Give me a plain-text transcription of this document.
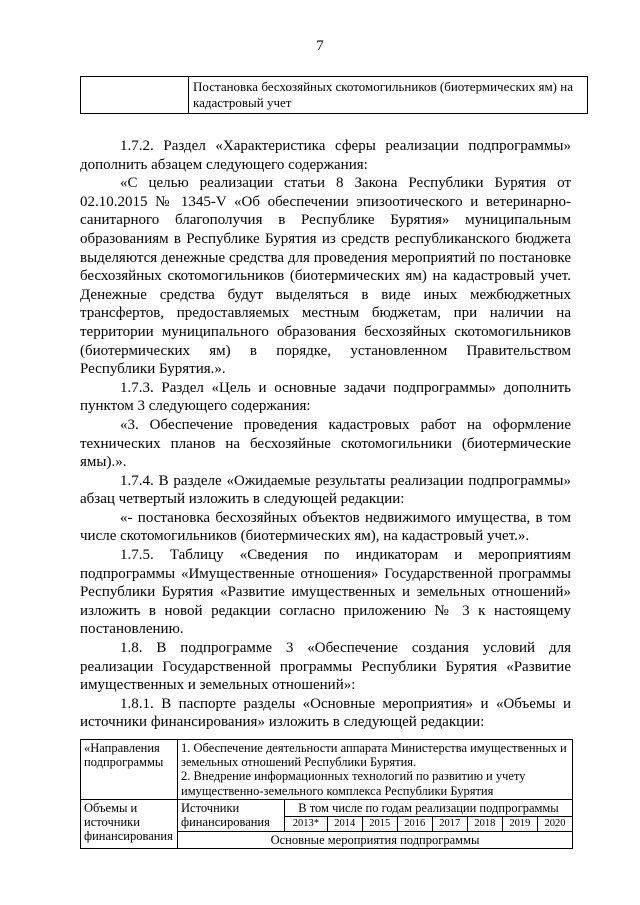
7
	Постановка бесхозяйных скотомогильников (биотермических ям) на кадастровый учет

1.7.2. Раздел «Характеристика сферы реализации подпрограммы» дополнить абзацем следующего содержания:

«С целью реализации статьи 8 Закона Республики Бурятия от 02.10.2015 № 1345-V «Об обеспечении эпизоотического и ветеринарно-санитарного благополучия в Республике Бурятия» муниципальным образованиям в Республике Бурятия из средств республиканского бюджета выделяются денежные средства для проведения мероприятий по постановке бесхозяйных скотомогильников (биотермических ям) на кадастровый учет. Денежные средства будут выделяться в виде иных межбюджетных трансфертов, предоставляемых местным бюджетам, при наличии на территории муниципального образования бесхозяйных скотомогильников (биотермических ям) в порядке, установленном Правительством Республики Бурятия.».

1.7.3. Раздел «Цель и основные задачи подпрограммы» дополнить пунктом 3 следующего содержания:

«3. Обеспечение проведения кадастровых работ на оформление технических планов на бесхозяйные скотомогильники (биотермические ямы).».

1.7.4. В разделе «Ожидаемые результаты реализации подпрограммы» абзац четвертый изложить в следующей редакции:

«- постановка бесхозяйных объектов недвижимого имущества, в том числе скотомогильников (биотермических ям), на кадастровый учет.».

1.7.5. Таблицу «Сведения по индикаторам и мероприятиям подпрограммы «Имущественные отношения» Государственной программы Республики Бурятия «Развитие имущественных и земельных отношений» изложить в новой редакции согласно приложению № 3 к настоящему постановлению.

1.8. В подпрограмме 3 «Обеспечение создания условий для реализации Государственной программы Республики Бурятия «Развитие имущественных и земельных отношений»:

1.8.1. В паспорте разделы «Основные мероприятия» и «Объемы и источники финансирования» изложить в следующей редакции:

«Направления подпрограммы	1. Обеспечение деятельности аппарата Министерства имущественных и земельных отношений Республики Бурятия.
2. Внедрение информационных технологий по развитию и учету имущественно-земельного комплекса Республики Бурятия								
Объемы и источники финансирования	Источники финансирования	В том числе по годам реализации подпрограммы							
		2013*	2014	2015	2016	2017	2018	2019	2020
	Основные мероприятия подпрограммы								
